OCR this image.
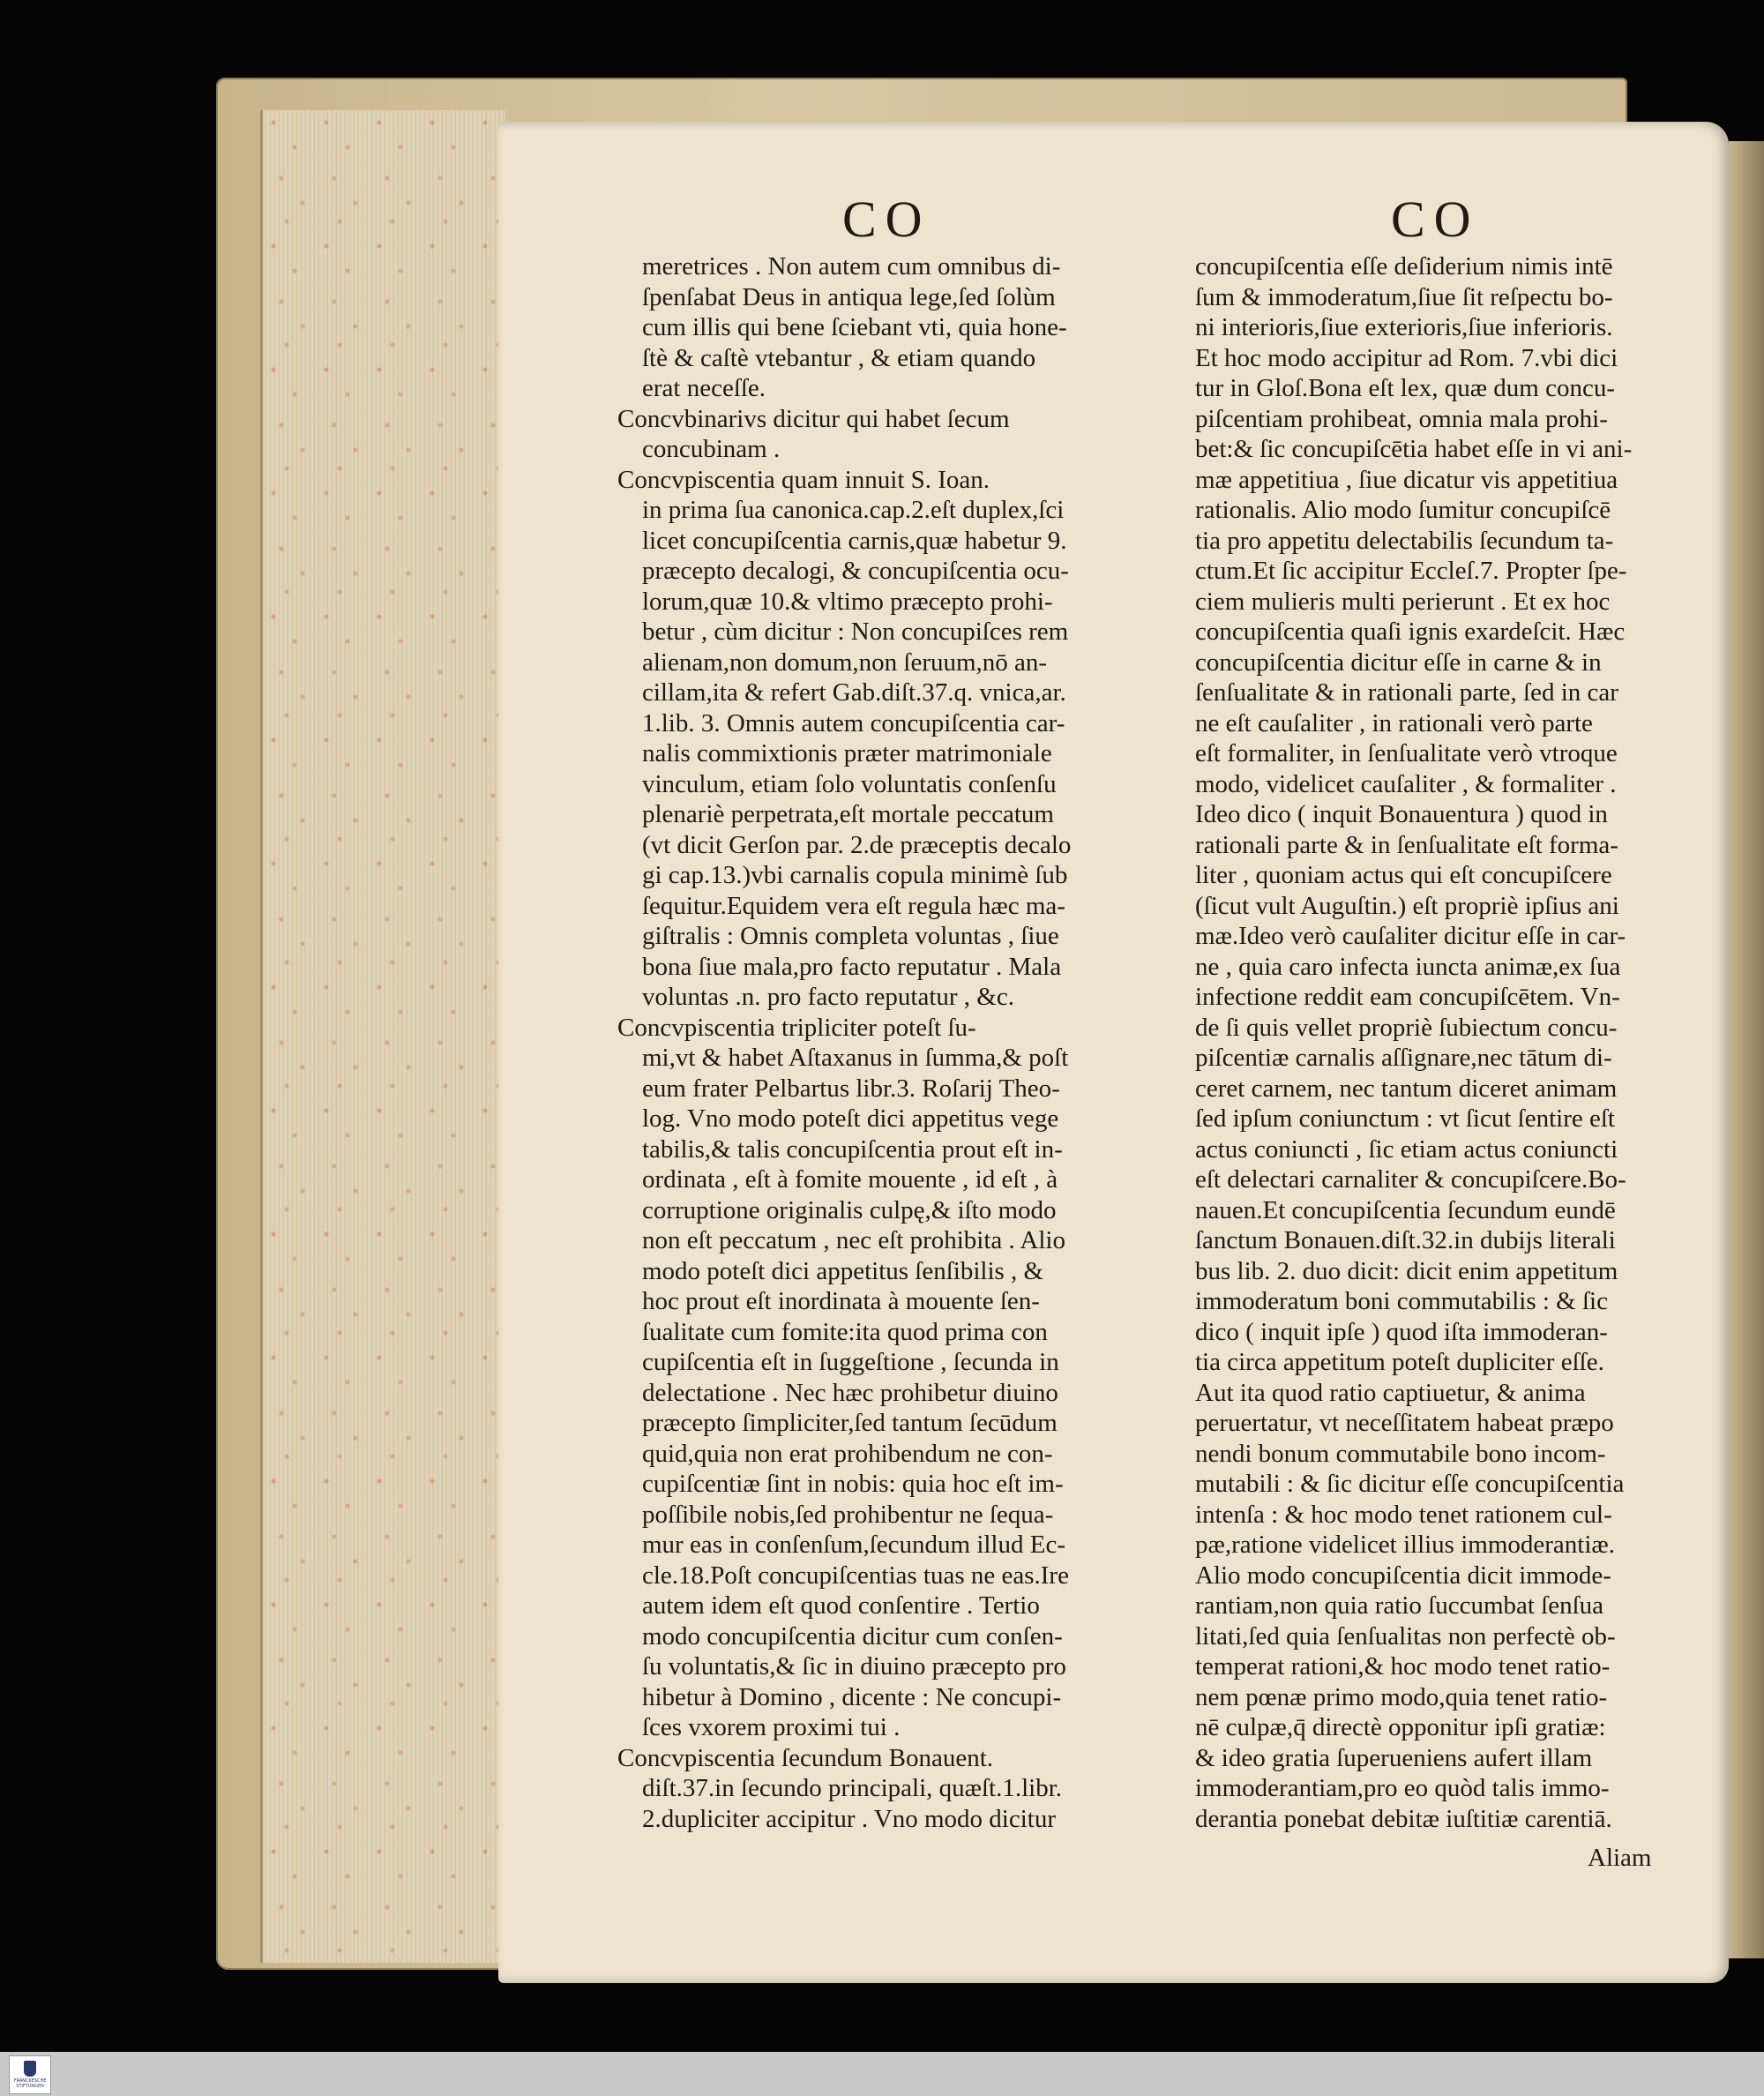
CO	CO
meretrices . Non autem cum omnibus di-
ſpenſabat Deus in antiqua lege,ſed ſolùm
cum illis qui bene ſciebant vti, quia hone-
ſtè & caſtè vtebantur , & etiam quando
erat neceſſe.
Concvbinarivs dicitur qui habet ſecum
concubinam .
Concvpiscentia quam innuit S. Ioan.
in prima ſua canonica.cap.2.eſt duplex,ſci
licet concupiſcentia carnis,quæ habetur 9.
præcepto decalogi, & concupiſcentia ocu-
lorum,quæ 10.& vltimo præcepto prohi-
betur , cùm dicitur : Non concupiſces rem
alienam,non domum,non ſeruum,nō an-
cillam,ita & refert Gab.diſt.37.q. vnica,ar.
1.lib. 3. Omnis autem concupiſcentia car-
nalis commixtionis præter matrimoniale
vinculum, etiam ſolo voluntatis conſenſu
plenariè perpetrata,eſt mortale peccatum
(vt dicit Gerſon par. 2.de præceptis decalo
gi cap.13.)vbi carnalis copula minimè ſub
ſequitur.Equidem vera eſt regula hæc ma-
giſtralis : Omnis completa voluntas , ſiue
bona ſiue mala,pro facto reputatur . Mala
voluntas .n. pro facto reputatur , &c.
Concvpiscentia tripliciter poteſt ſu-
mi,vt & habet Aſtaxanus in ſumma,& poſt
eum frater Pelbartus libr.3. Roſarij Theo-
log. Vno modo poteſt dici appetitus vege
tabilis,& talis concupiſcentia prout eſt in-
ordinata , eſt à fomite mouente , id eſt , à
corruptione originalis culpę,& iſto modo
non eſt peccatum , nec eſt prohibita . Alio
modo poteſt dici appetitus ſenſibilis , &
hoc prout eſt inordinata à mouente ſen-
ſualitate cum fomite:ita quod prima con
cupiſcentia eſt in ſuggeſtione , ſecunda in
delectatione . Nec hæc prohibetur diuino
præcepto ſimpliciter,ſed tantum ſecūdum
quid,quia non erat prohibendum ne con-
cupiſcentiæ ſint in nobis: quia hoc eſt im-
poſſibile nobis,ſed prohibentur ne ſequa-
mur eas in conſenſum,ſecundum illud Ec-
cle.18.Poſt concupiſcentias tuas ne eas.Ire
autem idem eſt quod conſentire . Tertio
modo concupiſcentia dicitur cum conſen-
ſu voluntatis,& ſic in diuino præcepto pro
hibetur à Domino , dicente : Ne concupi-
ſces vxorem proximi tui .
Concvpiscentia ſecundum Bonauent.
diſt.37.in ſecundo principali, quæſt.1.libr.
2.dupliciter accipitur . Vno modo dicitur
concupiſcentia eſſe deſiderium nimis intē
ſum & immoderatum,ſiue ſit reſpectu bo-
ni interioris,ſiue exterioris,ſiue inferioris.
Et hoc modo accipitur ad Rom. 7.vbi dici
tur in Gloſ.Bona eſt lex, quæ dum concu-
piſcentiam prohibeat, omnia mala prohi-
bet:& ſic concupiſcētia habet eſſe in vi ani-
mæ appetitiua , ſiue dicatur vis appetitiua
rationalis. Alio modo ſumitur concupiſcē
tia pro appetitu delectabilis ſecundum ta-
ctum.Et ſic accipitur Eccleſ.7. Propter ſpe-
ciem mulieris multi perierunt . Et ex hoc
concupiſcentia quaſi ignis exardeſcit. Hæc
concupiſcentia dicitur eſſe in carne & in
ſenſualitate & in rationali parte, ſed in car
ne eſt cauſaliter , in rationali verò parte
eſt formaliter, in ſenſualitate verò vtroque
modo, videlicet cauſaliter , & formaliter .
Ideo dico ( inquit Bonauentura ) quod in
rationali parte & in ſenſualitate eſt forma-
liter , quoniam actus qui eſt concupiſcere
(ſicut vult Auguſtin.) eſt propriè ipſius ani
mæ.Ideo verò cauſaliter dicitur eſſe in car-
ne , quia caro infecta iuncta animæ,ex ſua
infectione reddit eam concupiſcētem. Vn-
de ſi quis vellet propriè ſubiectum concu-
piſcentiæ carnalis aſſignare,nec tātum di-
ceret carnem, nec tantum diceret animam
ſed ipſum coniunctum : vt ſicut ſentire eſt
actus coniuncti , ſic etiam actus coniuncti
eſt delectari carnaliter & concupiſcere.Bo-
nauen.Et concupiſcentia ſecundum eundē
ſanctum Bonauen.diſt.32.in dubijs literali
bus lib. 2. duo dicit: dicit enim appetitum
immoderatum boni commutabilis : & ſic
dico ( inquit ipſe ) quod iſta immoderan-
tia circa appetitum poteſt dupliciter eſſe.
Aut ita quod ratio captiuetur, & anima
peruertatur, vt neceſſitatem habeat præpo
nendi bonum commutabile bono incom-
mutabili : & ſic dicitur eſſe concupiſcentia
intenſa : & hoc modo tenet rationem cul-
pæ,ratione videlicet illius immoderantiæ.
Alio modo concupiſcentia dicit immode-
rantiam,non quia ratio ſuccumbat ſenſua
litati,ſed quia ſenſualitas non perfectè ob-
temperat rationi,& hoc modo tenet ratio-
nem pœnæ primo modo,quia tenet ratio-
nē culpæ,q̄ directè opponitur ipſi gratiæ:
& ideo gratia ſuperueniens aufert illam
immoderantiam,pro eo quòd talis immo-
derantia ponebat debitæ iuſtitiæ carentiā.
Aliam
FRANCKESCHE STIFTUNGEN
